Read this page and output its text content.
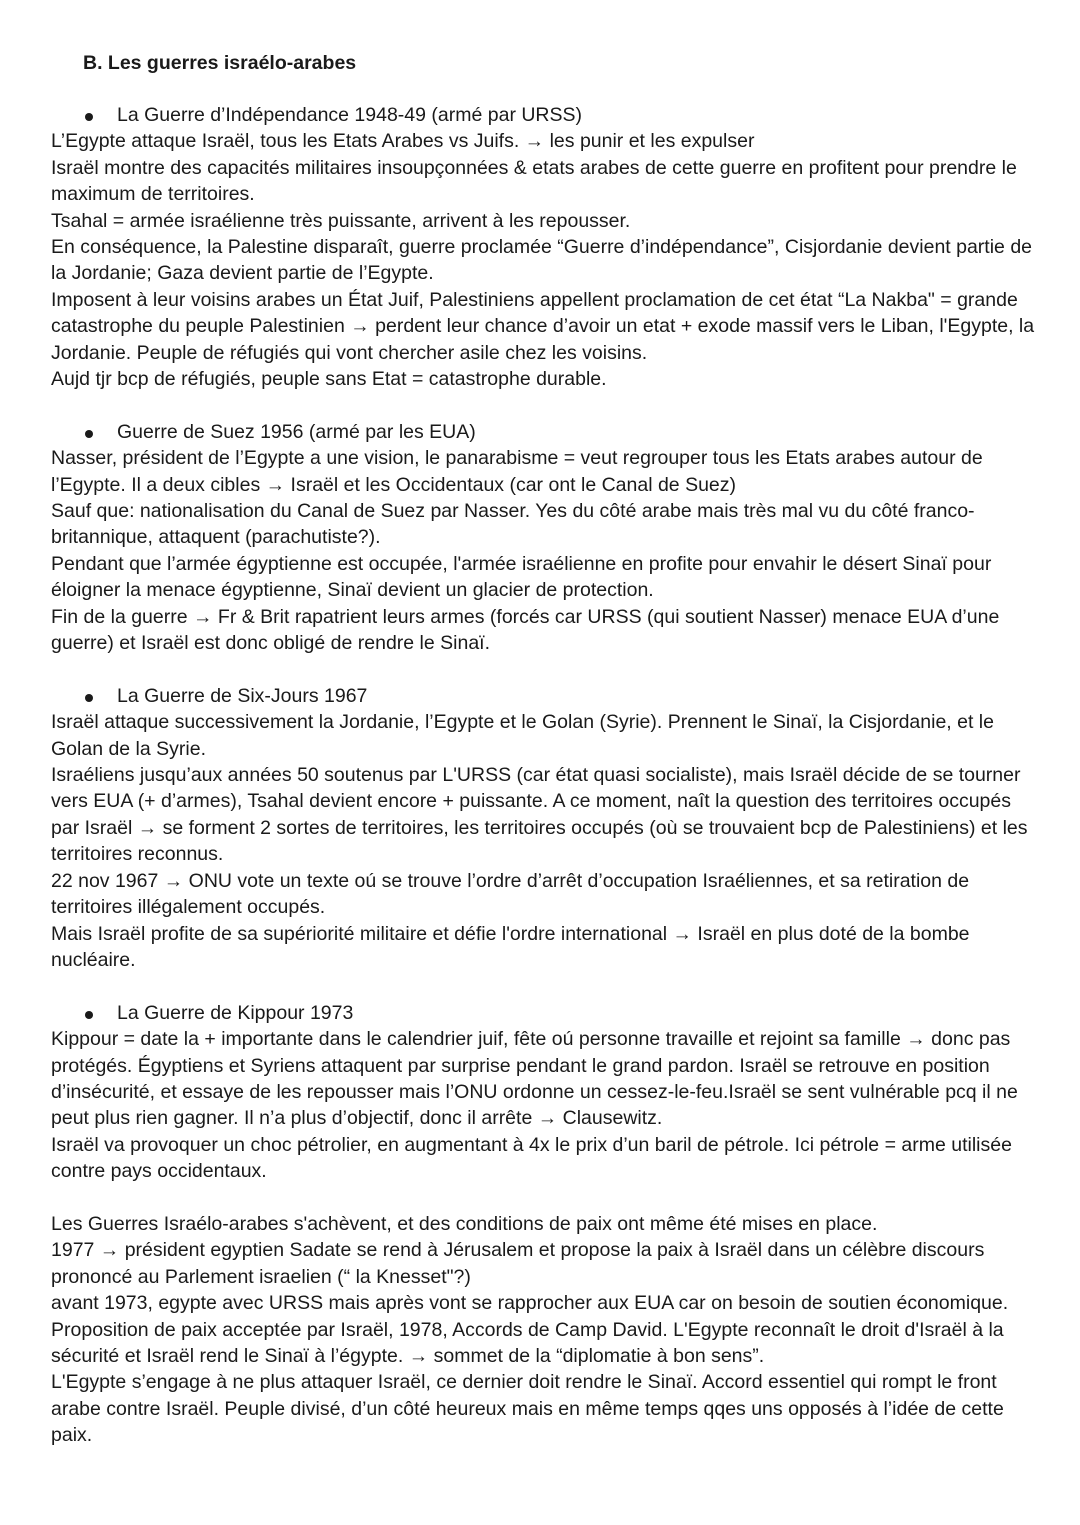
B. Les guerres israélo-arabes
La Guerre d’Indépendance 1948-49 (armé par URSS)

L’Egypte attaque Israël, tous les Etats Arabes vs Juifs. → les punir et les expulser

Israël montre des capacités militaires insoupçonnées & etats arabes de cette guerre en profitent pour prendre le maximum de territoires.

Tsahal = armée israélienne très puissante, arrivent à les repousser.

En conséquence, la Palestine disparaît, guerre proclamée “Guerre d’indépendance”, Cisjordanie devient partie de la Jordanie; Gaza devient partie de l’Egypte.

Imposent à leur voisins arabes un État Juif, Palestiniens appellent proclamation de cet état “La Nakba" = grande catastrophe du peuple Palestinien → perdent leur chance d’avoir un etat + exode massif vers le Liban, l'Egypte, la Jordanie. Peuple de réfugiés qui vont chercher asile chez les voisins.

Aujd tjr bcp de réfugiés, peuple sans Etat = catastrophe durable.

Guerre de Suez 1956 (armé par les EUA)

Nasser, président de l’Egypte a une vision, le panarabisme = veut regrouper tous les Etats arabes autour de l’Egypte. Il a deux cibles → Israël et les Occidentaux (car ont le Canal de Suez)

Sauf que: nationalisation du Canal de Suez par Nasser. Yes du côté arabe mais très mal vu du côté franco-britannique, attaquent (parachutiste?).

Pendant que l’armée égyptienne est occupée, l'armée israélienne en profite pour envahir le désert Sinaï pour éloigner la menace égyptienne, Sinaï devient un glacier de protection.

Fin de la guerre → Fr & Brit rapatrient leurs armes (forcés car URSS (qui soutient Nasser) menace EUA d’une guerre) et Israël est donc obligé de rendre le Sinaï.

La Guerre de Six-Jours 1967

Israël attaque successivement la Jordanie, l’Egypte et le Golan (Syrie). Prennent le Sinaï, la Cisjordanie, et le Golan de la Syrie.

Israéliens jusqu’aux années 50 soutenus par L'URSS (car état quasi socialiste), mais Israël décide de se tourner vers EUA (+ d’armes), Tsahal devient encore + puissante. A ce moment, naît la question des territoires occupés par Israël → se forment 2 sortes de territoires, les territoires occupés (où se trouvaient bcp de Palestiniens) et les territoires reconnus.

22 nov 1967 → ONU vote un texte oú se trouve l’ordre d’arrêt d’occupation Israéliennes, et sa retiration de territoires illégalement occupés.

Mais Israël profite de sa supériorité militaire et défie l'ordre international → Israël en plus doté de la bombe nucléaire.

La Guerre de Kippour 1973

Kippour = date la + importante dans le calendrier juif, fête oú personne travaille et rejoint sa famille → donc pas protégés. Égyptiens et Syriens attaquent par surprise pendant le grand pardon. Israël se retrouve en position d’insécurité, et essaye de les repousser mais l’ONU ordonne un cessez-le-feu.Israël se sent vulnérable pcq il ne peut plus rien gagner. Il n’a plus d’objectif, donc il arrête → Clausewitz.

Israël va provoquer un choc pétrolier, en augmentant à 4x le prix d’un baril de pétrole. Ici pétrole = arme utilisée contre pays occidentaux.

Les Guerres Israélo-arabes s'achèvent, et des conditions de paix ont même été mises en place.

1977 → président egyptien Sadate se rend à Jérusalem et propose la paix à Israël dans un célèbre discours prononcé au Parlement israelien (“ la Knesset"?)

avant 1973, egypte avec URSS mais après vont se rapprocher aux EUA car on besoin de soutien économique.

Proposition de paix acceptée par Israël, 1978, Accords de Camp David. L'Egypte reconnaît le droit d'Israël à la sécurité et Israël rend le Sinaï à l’égypte. → sommet de la “diplomatie à bon sens”.

L'Egypte s’engage à ne plus attaquer Israël, ce dernier doit rendre le Sinaï. Accord essentiel qui rompt le front arabe contre Israël. Peuple divisé, d’un côté heureux mais en même temps qqes uns opposés à l’idée de cette paix.
